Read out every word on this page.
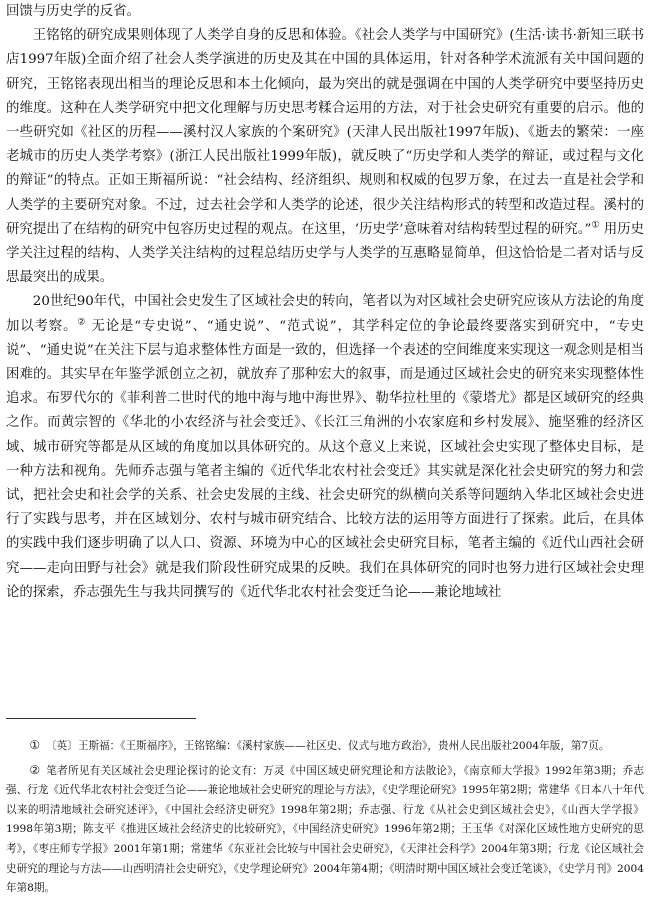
回馈与历史学的反省。

王铭铭的研究成果则体现了人类学自身的反思和体验。《社会人类学与中国研究》(生活·读书·新知三联书店1997年版)全面介绍了社会人类学演进的历史及其在中国的具体运用，针对各种学术流派有关中国问题的研究，王铭铭表现出相当的理论反思和本土化倾向，最为突出的就是强调在中国的人类学研究中要坚持历史的维度。这种在人类学研究中把文化理解与历史思考糅合运用的方法，对于社会史研究有重要的启示。他的一些研究如《社区的历程——溪村汉人家族的个案研究》(天津人民出版社1997年版)、《逝去的繁荣：一座老城市的历史人类学考察》(浙江人民出版社1999年版)，就反映了“历史学和人类学的辩证，或过程与文化的辩证”的特点。正如王斯福所说：“社会结构、经济组织、规则和权威的包罗万象，在过去一直是社会学和人类学的主要研究对象。不过，过去社会学和人类学的论述，很少关注结构形式的转型和改造过程。溪村的研究提出了在结构的研究中包容历史过程的观点。在这里，‘历史学’意味着对结构转型过程的研究。”① 用历史学关注过程的结构、人类学关注结构的过程总结历史学与人类学的互惠略显简单，但这恰恰是二者对话与反思最突出的成果。

20世纪90年代，中国社会史发生了区域社会史的转向，笔者以为对区域社会史研究应该从方法论的角度加以考察。② 无论是“专史说”、“通史说”、“范式说”，其学科定位的争论最终要落实到研究中，“专史说”、“通史说”在关注下层与追求整体性方面是一致的，但选择一个表述的空间维度来实现这一观念则是相当困难的。其实早在年鉴学派创立之初，就放弃了那种宏大的叙事，而是通过区域社会史的研究来实现整体性追求。布罗代尔的《菲利普二世时代的地中海与地中海世界》、勒华拉杜里的《蒙塔尤》都是区域研究的经典之作。而黄宗智的《华北的小农经济与社会变迁》、《长江三角洲的小农家庭和乡村发展》、施坚雅的经济区域、城市研究等都是从区域的角度加以具体研究的。从这个意义上来说，区域社会史实现了整体史目标，是一种方法和视角。先师乔志强与笔者主编的《近代华北农村社会变迁》其实就是深化社会史研究的努力和尝试，把社会史和社会学的关系、社会史发展的主线、社会史研究的纵横向关系等问题纳入华北区域社会史进行了实践与思考，并在区域划分、农村与城市研究结合、比较方法的运用等方面进行了探索。此后，在具体的实践中我们逐步明确了以人口、资源、环境为中心的区域社会史研究目标，笔者主编的《近代山西社会研究——走向田野与社会》就是我们阶段性研究成果的反映。我们在具体研究的同时也努力进行区域社会史理论的探索，乔志强先生与我共同撰写的《近代华北农村社会变迁刍论——兼论地域社

① 〔英〕王斯福：《王斯福序》，王铭铭编：《溪村家族——社区史、仪式与地方政治》，贵州人民出版社2004年版，第7页。

② 笔者所见有关区域社会史理论探讨的论文有：万灵《中国区域史研究理论和方法散论》，《南京师大学报》1992年第3期；乔志强、行龙《近代华北农村社会变迁刍论——兼论地域社会史研究的理论与方法》，《史学理论研究》1995年第2期；常建华《日本八十年代以来的明清地域社会研究述评》，《中国社会经济史研究》1998年第2期；乔志强、行龙《从社会史到区域社会史》，《山西大学学报》1998年第3期；陈支平《推进区域社会经济史的比较研究》，《中国经济史研究》1996年第2期；王玉华《对深化区域性地方史研究的思考》，《枣庄师专学报》2001年第1期；常建华《东亚社会比较与中国社会史研究》，《天津社会科学》2004年第3期；行龙《论区域社会史研究的理论与方法——山西明清社会史研究》，《史学理论研究》2004年第4期；《明清时期中国区域社会变迁笔谈》，《史学月刊》2004年第8期。
